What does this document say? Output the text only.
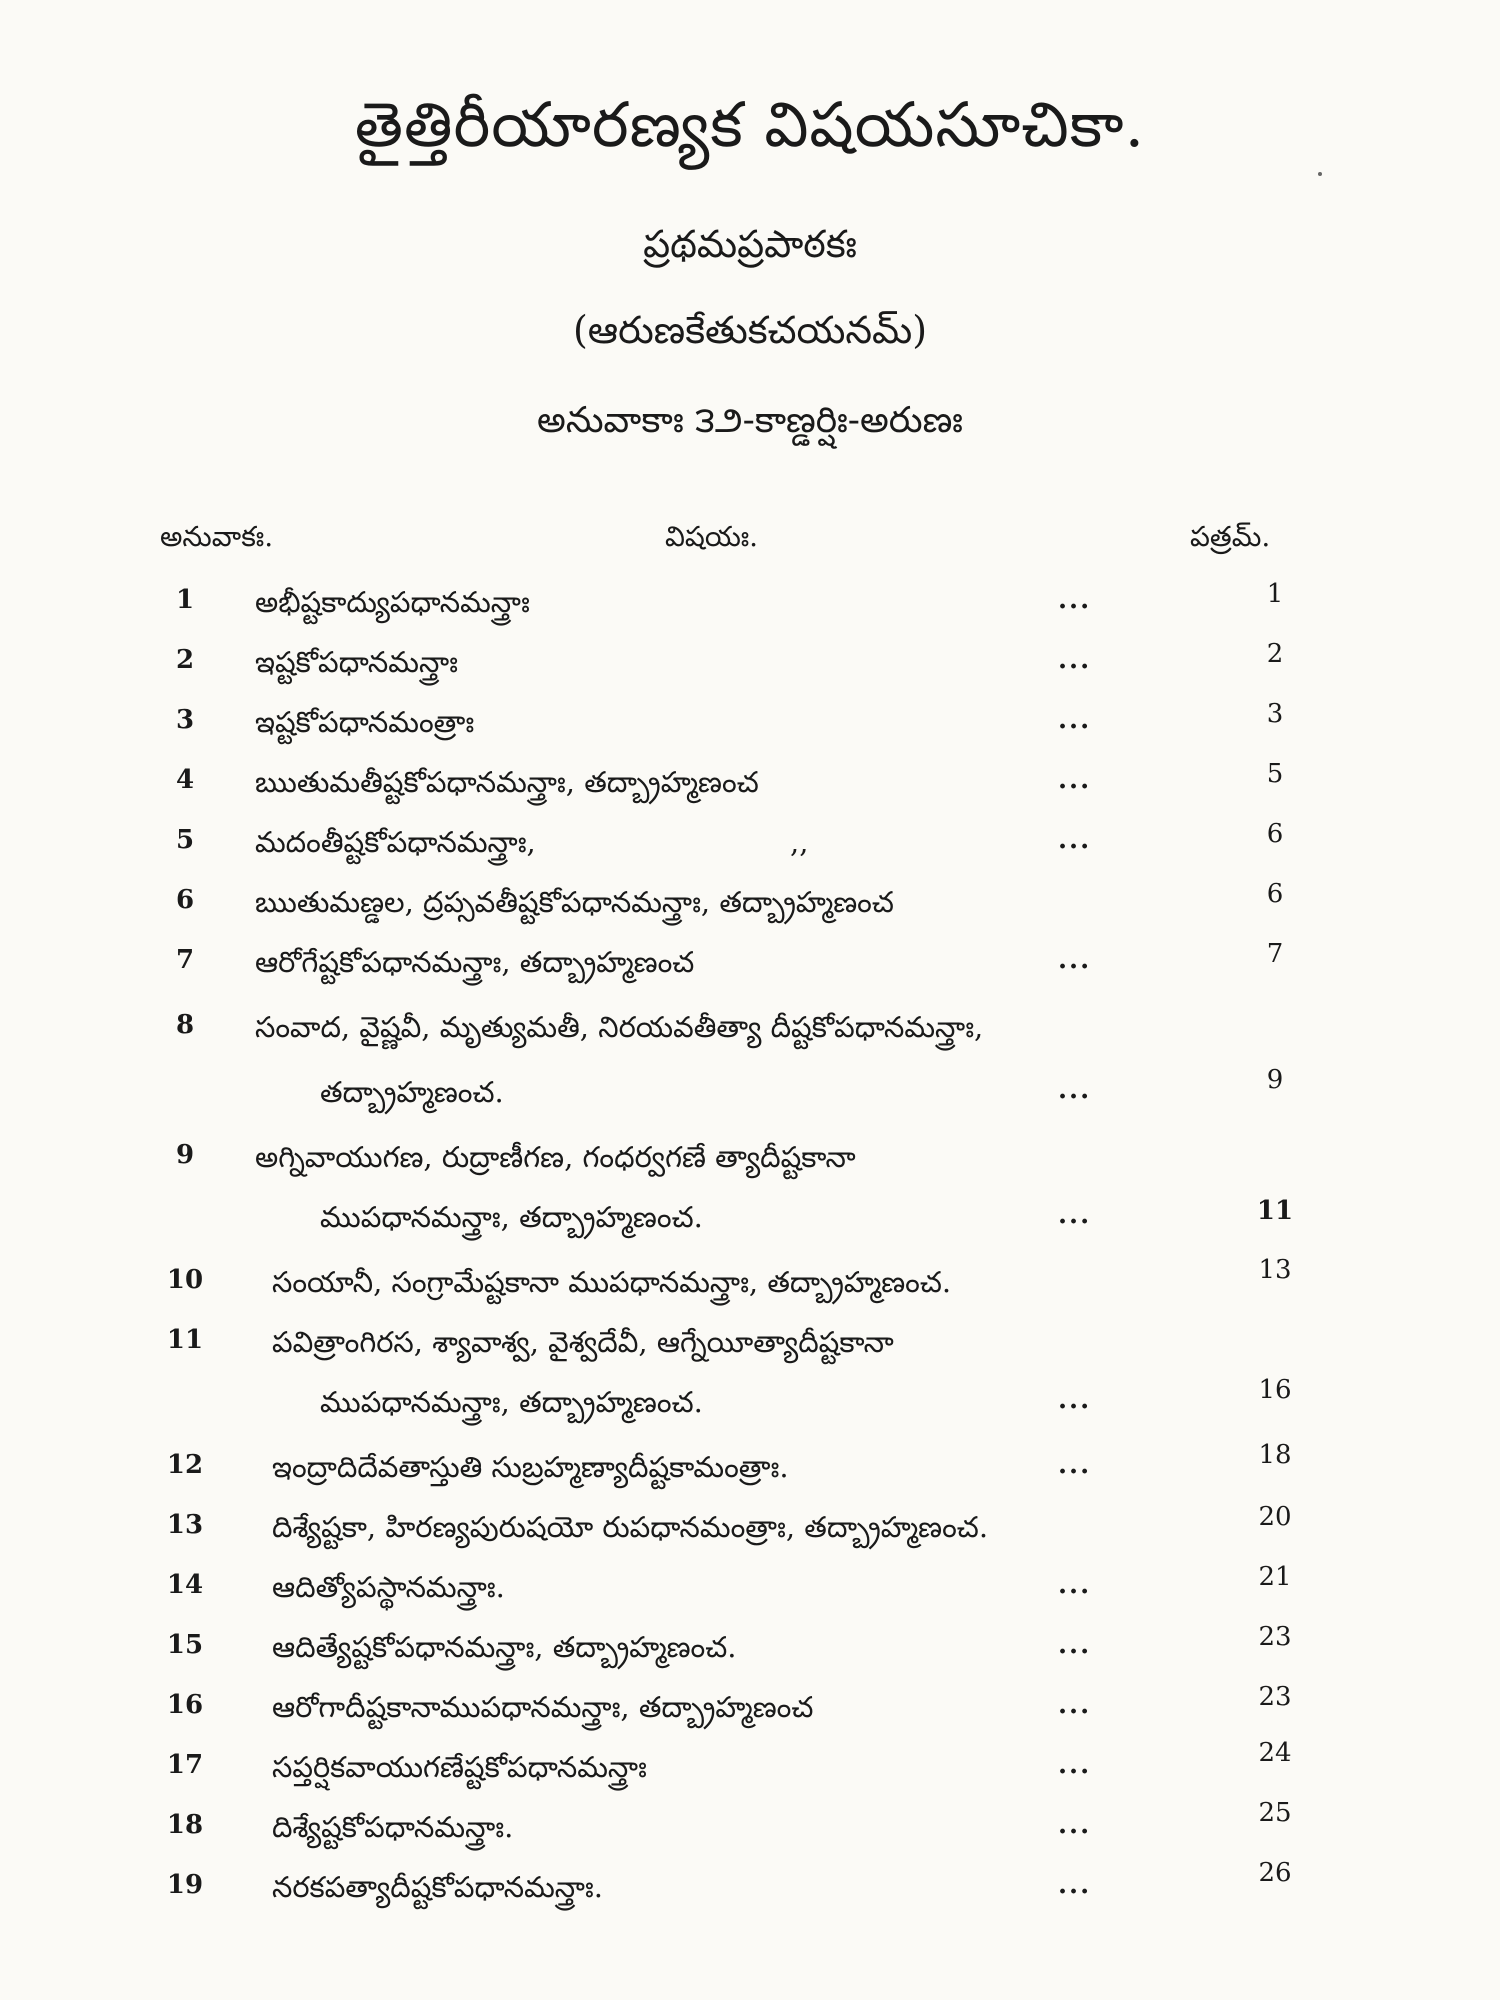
తైత్తిరీయారణ్యక విషయసూచికా.
ప్రథమప్రపాఠకః
(ఆరుణకేతుకచయనమ్)
అనువాకాః ౩౨-కాణ్డర్షిః-అరుణః
అనువాకః.	విషయః.	పత్రమ్.
1	అభీష్టకాద్యుపధానమన్త్రాః	...	1
2	ఇష్టకోపధానమన్త్రాః	...	2
3	ఇష్టకోపధానమంత్రాః	...	3
4	ఋతుమతీష్టకోపధానమన్త్రాః, తద్బ్రాహ్మణంచ	...	5
5	మదంతీష్టకోపధానమన్త్రాః,	,,	...	6
6	ఋతుమణ్డల, ద్రప్సవతీష్టకోపధానమన్త్రాః, తద్బ్రాహ్మణంచ	6
7	ఆరోగేష్టకోపధానమన్త్రాః, తద్బ్రాహ్మణంచ	...	7
8	సంవాద, వైష్ణవీ, మృత్యుమతీ, నిరయవతీత్యా దీష్టకోపధానమన్త్రాః,
తద్బ్రాహ్మణంచ.	...	9
9	అగ్నివాయుగణ, రుద్రాణీగణ, గంధర్వగణే త్యాదీష్టకానా
ముపధానమన్త్రాః, తద్బ్రాహ్మణంచ.	...	11
10	సంయానీ, సంగ్రామేష్టకానా ముపధానమన్త్రాః, తద్బ్రాహ్మణంచ.	13
11	పవిత్రాంగిరస, శ్యావాశ్వ, వైశ్వదేవీ, ఆగ్నేయీత్యాదీష్టకానా
ముపధానమన్త్రాః, తద్బ్రాహ్మణంచ.	...	16
12	ఇంద్రాదిదేవతాస్తుతి సుబ్రహ్మణ్యాదీష్టకామంత్రాః.	...	18
13	దిశ్యేష్టకా, హిరణ్యపురుషయో రుపధానమంత్రాః, తద్బ్రాహ్మణంచ.	20
14	ఆదిత్యోపస్థానమన్త్రాః.	...	21
15	ఆదిత్యేష్టకోపధానమన్త్రాః, తద్బ్రాహ్మణంచ.	...	23
16	ఆరోగాదీష్టకానాముపధానమన్త్రాః, తద్బ్రాహ్మణంచ	...	23
17	సప్తర్షికవాయుగణేష్టకోపధానమన్త్రాః	...	24
18	దిశ్యేష్టకోపధానమన్త్రాః.	...	25
19	నరకపత్యాదీష్టకోపధానమన్త్రాః.	...	26
